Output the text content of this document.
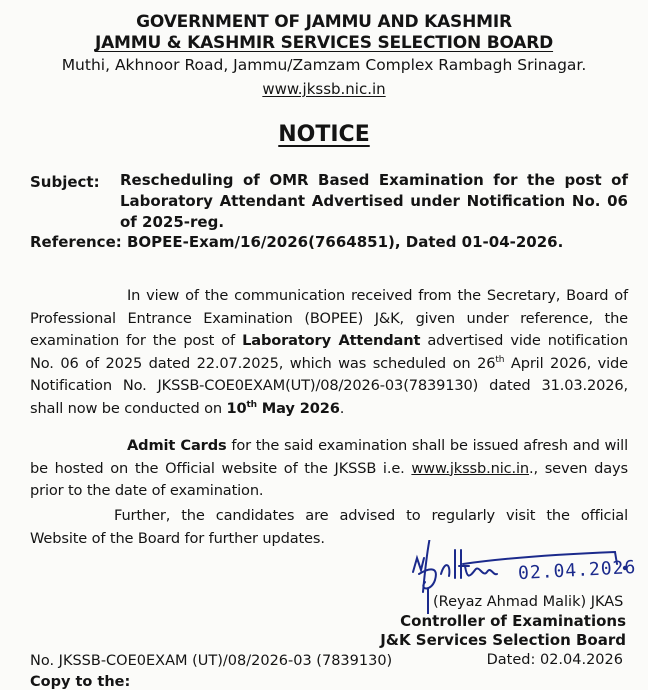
GOVERNMENT OF JAMMU AND KASHMIR
JAMMU & KASHMIR SERVICES SELECTION BOARD
Muthi, Akhnoor Road, Jammu/Zamzam Complex Rambagh Srinagar.
www.jkssb.nic.in
NOTICE
Subject: Rescheduling of OMR Based Examination for the post of Laboratory Attendant Advertised under Notification No. 06 of 2025-reg.
Reference: BOPEE-Exam/16/2026(7664851), Dated 01-04-2026.
In view of the communication received from the Secretary, Board of Professional Entrance Examination (BOPEE) J&K, given under reference, the examination for the post of Laboratory Attendant advertised vide notification No. 06 of 2025 dated 22.07.2025, which was scheduled on 26th April 2026, vide Notification No. JKSSB-COE0EXAM(UT)/08/2026-03(7839130) dated 31.03.2026, shall now be conducted on 10th May 2026.
Admit Cards for the said examination shall be issued afresh and will be hosted on the Official website of the JKSSB i.e. www.jkssb.nic.in., seven days prior to the date of examination.
Further, the candidates are advised to regularly visit the official Website of the Board for further updates.
02.04.2026
(Reyaz Ahmad Malik) JKAS
Controller of Examinations
J&K Services Selection Board
No. JKSSB-COE0EXAM (UT)/08/2026-03 (7839130)	Dated: 02.04.2026
Copy to the:
